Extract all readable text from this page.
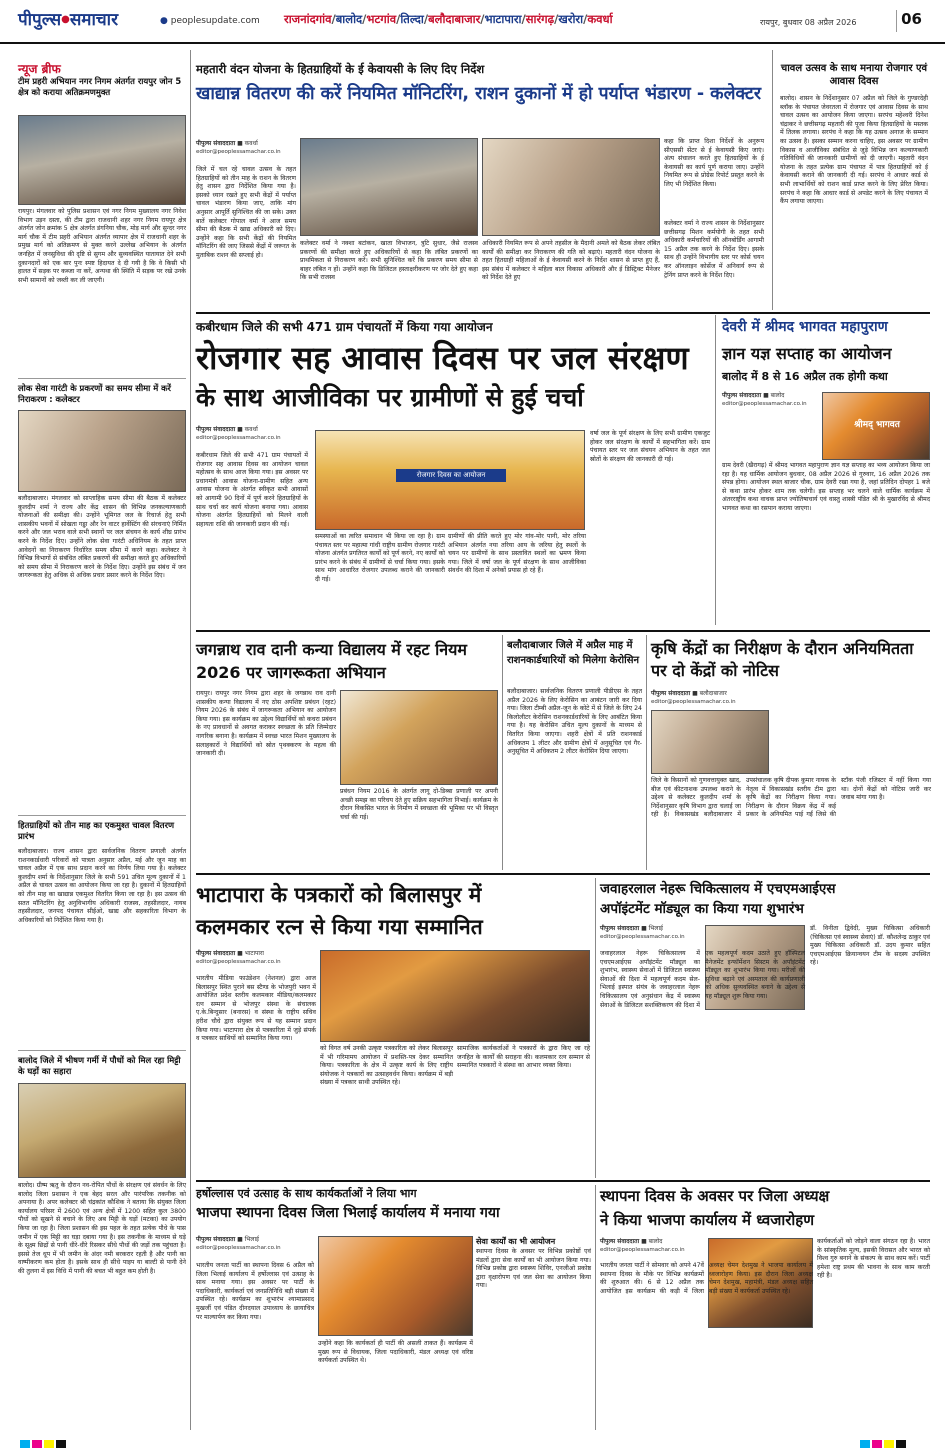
पीपुल्स●समाचार	● peoplesupdate.com राजनांदगांव/बालोद/भटगांव/तिल्दा/बलौदाबाजार/भाटापारा/सारंगढ़/खरोरा/कवर्धा	रायपुर, बुधवार 08 अप्रैल 2026	06
न्यूज ब्रीफ
टीम प्रहरी अभियान नगर निगम अंतर्गत रायपुर जोन 5 क्षेत्र को कराया अतिक्रमणमुक्त
रायपुर। मंगलवार को पुलिस प्रशासन एवं नगर निगम मुख्यालय नगर निवेश विभाग उड़न दस्ता, की टीम द्वारा राजधानी शहर नगर निगम रायपुर क्षेत्र अंतर्गत जोन क्रमांक 5 क्षेत्र अंतर्गत डंगनिया चौक, मोड़ मार्ग और सुन्दर नगर मार्ग चौक में टीम प्रहरी अभियान अंतर्गत व्यापार क्षेत्र में राजधानी शहर के प्रमुख मार्ग को अतिक्रमण से मुक्त करने उल्लेख अभियान के अंतर्गत जनहित में जनसुविधा की दृष्टि से सुगम और सुव्यवस्थित यातायात देने सभी दुकानदारों को एक बार पुनः स्पष्ट हिदायत दे दी गयी है कि वे किसी भी हालत में सड़क पर कब्जा ना करें, अन्यथा की स्थिति में सड़क पर रखे उनके सभी सामानों को जब्ती कर ली जाएगी।
लोक सेवा गारंटी के प्रकरणों का समय सीमा में करें निराकरण : कलेक्टर
बलौदाबाजार। मंगलवार को साप्ताहिक समय सीमा की बैठक में कलेक्टर कुलदीप शर्मा ने राज्य और केंद्र शासन की विभिन्न जनकल्याणकारी योजनाओं की समीक्षा की। उन्होंने भूमिगत जल के रिचार्ज हेतु सभी शासकीय भवनों में सोखता गड्ढा और रेन वाटर हार्वेस्टिंग की संरचनाएं निर्मित करने और जल भराव वाले सभी स्थानों पर जल संचयन के कार्य शीघ्र प्रारंभ करने के निर्देश दिए। उन्होंने लोक सेवा गारंटी अधिनियम के तहत प्राप्त आवेदनों का निराकरण निर्धारित समय सीमा में करने कहा। कलेक्टर ने विभिन्न विभागों से संबंधित लंबित प्रकरणों की समीक्षा करते हुए अधिकारियों को समय सीमा में निराकरण करने के निर्देश दिए। उन्होंने इस संबंध में जन जागरूकता हेतु अधिक से अधिक प्रचार प्रसार करने के निर्देश दिए।
हितग्राहियों को तीन माह का एकमुश्त चावल वितरण प्रारंभ
बलौदाबाजार। राज्य शासन द्वारा सार्वजनिक वितरण प्रणाली अंतर्गत राशनकार्डधारी परिवारों को पात्रता अनुसार अप्रैल, मई और जून माह का चावल अप्रैल में एक साथ प्रदान करने का निर्णय लिया गया है। कलेक्टर कुलदीप शर्मा के निर्देशानुसार जिले के सभी 591 उचित मूल्य दुकानों में 1 अप्रैल से चावल उत्सव का आयोजन किया जा रहा है। दुकानों में हितग्राहियों को तीन माह का खाद्यान्न एकमुश्त वितरित किया जा रहा है। इस उत्सव की सतत मॉनिटरिंग हेतु अनुविभागीय अधिकारी राजस्व, तहसीलदार, नायब तहसीलदार, जनपद पंचायत सीईओ, खाद्य और सहकारिता विभाग के अधिकारियों को निर्देशित किया गया है।
बालोद जिले में भीषण गर्मी में पौधों को मिल रहा मिट्टी के घड़ों का सहारा
बालोद। ग्रीष्म ऋतु के दौरान नव-रोपित पौधों के संरक्षण एवं संवर्धन के लिए बालोद जिला प्रशासन ने एक बेहद सरल और पारंपरिक तकनीक को अपनाया है। अपर कलेक्टर श्री चंद्रकांत कौशिक ने बताया कि संयुक्त जिला कार्यालय परिसर में 2600 एवं अन्य क्षेत्रों में 1200 सहित कुल 3800 पौधों को सूखने से बचाने के लिए अब मिट्टी के घड़ों (मटका) का उपयोग किया जा रहा है। जिला प्रशासन की इस पहल के तहत प्रत्येक पौधे के पास जमीन में एक मिट्टी का घड़ा दबाया गया है। इस तकनीक के माध्यम से घड़े के सूक्ष्म छिद्रों से पानी धीरे-धीरे रिसकर सीधे पौधों की जड़ों तक पहुंचता है। इससे तेज धूप में भी जमीन के अंदर नमी बरकरार रहती है और पानी का वाष्पीकरण कम होता है। इसके साथ ही सीधे पाइप या बाल्टी से पानी देने की तुलना में इस विधि में पानी की बचत भी बहुत कम होती है।
महतारी वंदन योजना के हितग्राहियों के ई केवायसी के लिए दिए निर्देश
खाद्यान्न वितरण की करें नियमित मॉनिटरिंग, राशन दुकानों में हो पर्याप्त भंडारण - कलेक्टर
पीपुल्स संवाददाता ■ कवर्धा
editor@peoplessamachar.co.in
जिले में चल रहे चावल उत्सव के तहत हितग्राहियों को तीन माह के राशन के वितरण हेतु शासन द्वारा निर्देशित किया गया है। इसको ध्यान रखते हुए सभी केंद्रों में पर्याप्त चावल भंडारण किया जाए, ताकि मांग अनुसार आपूर्ति सुनिश्चित की जा सके। उक्त बातें कलेक्टर गोपाल वर्मा ने आज समय सीमा की बैठक में खाद्य अधिकारी को दिए। उन्होंने कहा कि सभी केंद्रों की नियमित मॉनिटरिंग की जाए जिससे केंद्रों में जरूरत के मुताबिक राशन की सप्लाई हो।
कलेक्टर वर्मा ने नक्शा बटांकन, खाता विभाजन, त्रुटि सुधार, जैसे राजस्व प्रकरणों की समीक्षा करते हुए अधिकारियों से कहा कि लंबित प्रकरणों का प्राथमिकता से निराकरण करें। सभी सुनिश्चित करें कि प्रकरण समय सीमा से बाहर लंबित न हों। उन्होंने कहा कि डिजिटल हस्ताक्षरीकरण पर जोर देते हुए कहा कि सभी राजस्व
अधिकारी नियमित रूप से अपने तहसील के मैदानी अमले को बैठक लेकर लंबित कार्यों की समीक्षा कर निराकरण की गति को बढ़ाएं। महतारी वंदन योजना के तहत हितग्राही महिलाओं के ई केवायसी करने के निर्देश शासन से प्राप्त हुए हैं, इस संबंध में कलेक्टर ने महिला बाल विकास अधिकारी और ई डिस्ट्रिक्ट मैनेजर को निर्देश देते हुए
कहा कि प्राप्त दिशा निर्देशों के अनुरूप सीएससी सेंटर से ई केवायसी किए जाएं। अंत्य संचालन करते हुए हितग्राहियों के ई केवायसी का कार्य पूर्ण कराया जाए। उन्होंने नियमित रूप से प्रोग्रेस रिपोर्ट प्रस्तुत करने के लिए भी निर्देशित किया।
कलेक्टर वर्मा ने राज्य शासन के निर्देशानुसार छत्तीसगढ़ मिशन कर्मयोगी के तहत सभी अधिकारी कर्मचारियों की ऑनबोर्डिंग आगामी 15 अप्रैल तक करने के निर्देश दिए। इसके साथ ही उन्होंने विभागीय स्तर पर कोर्स चयन कर ऑनलाइन कोर्सेज में अनिवार्य रूप से ट्रेनिंग प्राप्त करने के निर्देश दिए।
चावल उत्सव के साथ मनाया रोजगार एवं आवास दिवस
बालोद। शासन के निर्देशानुसार 07 अप्रैल को जिले के गुण्डरदेही ब्लॉक के पंचायत जेवरतला में रोजगार एवं आवास दिवस के साथ चावल उत्सव का आयोजन किया जाएगा। सरपंच महेश्वरी दिनेश चंद्राकर ने छत्तीसगढ़ महतारी की पूजा किया हितग्राहियों के मस्तक में तिलक लगाया। सरपंच ने कहा कि यह उत्सव अनाज के सम्मान का उत्सव है। इसका सम्मान करना चाहिए, इस अवसर पर ग्रामीण विकास व आजीविका संबंधित से जुड़े विभिन्न जन कल्याणकारी गतिविधियों की जानकारी ग्रामीणों को दी जाएगी। महतारी वंदन योजना के तहत प्रत्येक ग्राम पंचायत में पात्र हितग्राहियों को ई केवायसी कराने की जानकारी दी गई। सरपंच ने आधार कार्ड से सभी लाभार्थियों को राशन कार्ड प्राप्त करने के लिए प्रेरित किया। सरपंच ने कहा कि आधार कार्ड से अपडेट करने के लिए पंचायत में कैंप लगाया जाएगा।
कबीरधाम जिले की सभी 471 ग्राम पंचायतों में किया गया आयोजन
रोजगार सह आवास दिवस पर जल संरक्षण
के साथ आजीविका पर ग्रामीणों से हुई चर्चा
पीपुल्स संवाददाता ■ कवर्धा
editor@peoplessamachar.co.in
कबीरधाम जिले की सभी 471 ग्राम पंचायतों में रोजगार सह आवास दिवस का आयोजन चावल महोत्सव के साथ आज किया गया। इस अवसर पर प्रधानमंत्री आवास योजना-ग्रामीण सहित अन्य आवास योजना के अंतर्गत स्वीकृत सभी आवासों को आगामी 90 दिनों में पूर्ण करने हितग्राहियों के साथ चर्चा कर कार्य योजना बनाया गया। आवास योजना अंतर्गत हितग्राहियों को मिलने वाली सहायता राशि की जानकारी प्रदान की गई।
रोजगार दिवस का आयोजन
समस्याओं का त्वरित समाधान भी किया जा रहा है। ग्राम पंचायत स्तर पर महात्मा गांधी राष्ट्रीय ग्रामीण रोजगार गारंटी योजना अंतर्गत प्रगतिरत कार्यों को पूर्ण करने, नए कार्यों को प्रारंभ करने के संबंध में ग्रामीणों से चर्चा किया गया। इसके साथ मांग आधारित रोजगार उपलब्ध कराने की जानकारी दी गई।
ग्रामीणों की प्रीति करते हुए मोर गांव-मोर पानी, मोर तरिया अभियान अंतर्गत नया तरिया आय के जरिया हेतु स्थलों के चयन पर ग्रामीणों के साथ प्रस्तावित स्थलों का भ्रमण किया गया। जिले में वर्षा जल के पूर्ण संरक्षण के साथ आजीविका संवर्धन की दिशा में अनेकों प्रयास हो रहे हैं।
वर्षा जल के पूर्ण संरक्षण के लिए सभी ग्रामीण एकजुट होकर जल संरक्षण के कार्यों में सहभागिता करें। ग्राम पंचायत स्तर पर जल संचयन अभियान के तहत जल स्रोतों के संरक्षण की जानकारी दी गई।
देवरी में श्रीमद भागवत महापुराण
ज्ञान यज्ञ सप्ताह का आयोजन
बालोद में 8 से 16 अप्रैल तक होगी कथा
पीपुल्स संवाददाता ■ बालोद
editor@peoplessamachar.co.in
श्रीमद् भागवत
ग्राम देवरी (खैरागढ़) में श्रीमद भागवत महापुराण ज्ञान यज्ञ सप्ताह का भव्य आयोजन किया जा रहा है। यह धार्मिक आयोजन बुधवार, 08 अप्रैल 2026 से गुरुवार, 16 अप्रैल 2026 तक संपन्न होगा। आयोजन स्थल बाजार चौक, ग्राम देवरी रखा गया है, जहां प्रतिदिन दोपहर 1 बजे से कथा प्रारंभ होकर शाम तक चलेगी। इस सप्ताह भर चलने वाले धार्मिक कार्यक्रम में अंतरराष्ट्रीय कथा वाचक प्राप्त ज्योतिषाचार्य एवं वास्तु शास्त्री पंडित श्री के मुखारविंद से श्रीमद भागवत कथा का रसपान कराया जाएगा।
जगन्नाथ राव दानी कन्या विद्यालय में रहट नियम 2026 पर जागरूकता अभियान
रायपुर। रायपुर नगर निगम द्वारा शहर के जगन्नाथ राव दानी शासकीय कन्या विद्यालय में नए ठोस अपशिष्ट प्रबंधन (रहट) नियम 2026 के संबंध में जागरूकता अभियान का आयोजन किया गया। इस कार्यक्रम का उद्देश्य विद्यार्थियों को कचरा प्रबंधन के नए प्रावधानों से अवगत कराकर स्वच्छता के प्रति जिम्मेदार नागरिक बनाना है। कार्यक्रम में स्वच्छ भारत मिशन मुख्यालय के सलाहकारों ने विद्यार्थियों को स्रोत पृथक्करण के महत्व की जानकारी दी।
प्रबंधन नियम 2016 के अंतर्गत लागू दो-डिब्बा प्रणाली पर अपनी अच्छी समझ का परिचय देते हुए सक्रिय सहभागिता निभाई। कार्यक्रम के दौरान विकसित भारत के निर्माण में स्वच्छता की भूमिका पर भी विस्तृत चर्चा की गई।
बलौदाबाजार जिले में अप्रैल माह में राशनकार्डधारियों को मिलेगा केरोसिन
बलौदाबाजार। सार्वजनिक वितरण प्रणाली पीडीएस के तहत अप्रैल 2026 के लिए केरोसिन का आबंटन जारी कर दिया गया। जिला टीम्बी अप्रैल-जून के कोटे में से जिले के लिए 24 किलोलीटर केरोसिन राशनकार्डधारियों के लिए आबंटित किया गया है। यह केरोसिन उचित मूल्य दुकानों के माध्यम से वितरित किया जाएगा। शहरी क्षेत्रों में प्रति राशनकार्ड अधिकतम 1 लीटर और ग्रामीण क्षेत्रों में अनुसूचित एवं गैर-अनुसूचित में अधिकतम 2 लीटर केरोसिन दिया जाएगा।
कृषि केंद्रों का निरीक्षण के दौरान अनियमितता पर दो केंद्रों को नोटिस
पीपुल्स संवाददाता ■ बलौदाबाजार
editor@peoplessamachar.co.in
जिले के किसानों को गुणवत्तायुक्त खाद, बीज एवं कीटनाशक उपलब्ध कराने के उद्देश्य से कलेक्टर कुलदीप शर्मा के निर्देशानुसार कृषि विभाग द्वारा चलाई जा रही है। विकासखंड बलौदाबाजार में उपसंचालक कृषि दीपक कुमार नायक के नेतृत्व में विकासखंड स्तरीय टीम द्वारा कृषि केंद्रों का निरीक्षण किया गया। निरीक्षण के दौरान विक्रय केंद्र में कई प्रकार के अनियमित पाई गईं जिसे की स्टॉक पंजी रजिस्टर में नहीं किया गया था। दोनों केंद्रों को नोटिस जारी कर जवाब मांगा गया है।
भाटापारा के पत्रकारों को बिलासपुर में
कलमकार रत्न से किया गया सम्मानित
पीपुल्स संवाददाता ■ भाटापारा
editor@peoplessamachar.co.in
भारतीय मीडिया फाउंडेशन (नेशनल) द्वारा आज बिलासपुर स्थित पुराने बस स्टैण्ड के भोजपुरी भवन में आयोजित प्रदेश स्तरीय कलमकार मीडिया/कलमकार रत्न सम्मान से भोजपुर संस्था के संचालक ए.के.बिन्दुसार (बनारस) व संस्था के राष्ट्रीय सचिव हरीश चौधे द्वारा संयुक्त रूप से यह सम्मान प्रदान किया गया। भाटापारा क्षेत्र से पत्रकारिता में जुड़े संपर्क व पत्रकार साथियों को सम्मानित किया गया।
को विगत वर्ष उनकी उत्कृष्ट पत्रकारिता को लेकर बिलासपुर में भी गरिमामय आयोजन में प्रशस्ति-पत्र देकर सम्मानित किया। पत्रकारिता के क्षेत्र में उत्कृष्ट कार्य के लिए राष्ट्रीय संयोजक ने पत्रकारों का उत्साहवर्धन किया। कार्यक्रम में बड़ी संख्या में पत्रकार साथी उपस्थित रहे।
सामाजिक कार्यकर्ताओं ने पत्रकारों के द्वारा किए जा रहे जनहित के कार्यों की सराहना की। कलमकार रत्न सम्मान से सम्मानित पत्रकारों ने संस्था का आभार व्यक्त किया।
जवाहरलाल नेहरू चिकित्सालय में एचएमआईएस
अपॉइंटमेंट मॉड्यूल का किया गया शुभारंभ
पीपुल्स संवाददाता ■ भिलाई
editor@peoplessamachar.co.in
जवाहरलाल नेहरू चिकित्सालय में एचएमआईएस अपॉइंटमेंट मॉड्यूल का शुभारंभ, स्वास्थ्य सेवाओं में डिजिटल स्वास्थ्य सेवाओं की दिशा में महत्वपूर्ण कदम सेल-भिलाई इस्पात संयंत्र के जवाहरलाल नेहरू चिकित्सालय एवं अनुसंधान केंद्र में स्वास्थ्य सेवाओं के डिजिटल सशक्तिकरण की दिशा में एक महत्वपूर्ण कदम उठाते हुए हॉस्पिटल मैनेजमेंट इन्फॉर्मेशन सिस्टम के अपॉइंटमेंट मॉड्यूल का शुभारंभ किया गया। मरीजों की सुविधा बढ़ाने एवं अस्पताल की कार्यप्रणाली को अधिक सुव्यवस्थित बनाने के उद्देश्य से यह मॉड्यूल शुरू किया गया।
डॉ. विनीता द्विवेदी, मुख्य चिकित्सा अधिकारी (चिकित्सा एवं स्वास्थ्य सेवाएं) डॉ. कौशलेन्द्र ठाकुर एवं मुख्य चिकित्सा अधिकारी डॉ. उदय कुमार सहित एचएमआईएस क्रियान्वयन टीम के सदस्य उपस्थित रहे।
हर्षोल्लास एवं उत्साह के साथ कार्यकर्ताओं ने लिया भाग
भाजपा स्थापना दिवस जिला भिलाई कार्यालय में मनाया गया
पीपुल्स संवाददाता ■ भिलाई
editor@peoplessamachar.co.in
भारतीय जनता पार्टी का स्थापना दिवस 6 अप्रैल को जिला भिलाई कार्यालय में हर्षोल्लास एवं उत्साह के साथ मनाया गया। इस अवसर पर पार्टी के पदाधिकारी, कार्यकर्ता एवं जनप्रतिनिधि बड़ी संख्या में उपस्थित रहे। कार्यक्रम का शुभारंभ श्यामाप्रसाद मुखर्जी एवं पंडित दीनदयाल उपाध्याय के छायाचित्र पर माल्यार्पण कर किया गया।
उन्होंने कहा कि कार्यकर्ता ही पार्टी की असली ताकत हैं। कार्यक्रम में मुख्य रूप से विधायक, जिला पदाधिकारी, मंडल अध्यक्ष एवं वरिष्ठ कार्यकर्ता उपस्थित थे।
सेवा कार्यों का भी आयोजन
स्थापना दिवस के अवसर पर विभिन्न प्रकोष्ठों एवं मंडलों द्वारा सेवा कार्यों का भी आयोजन किया गया। विभिन्न प्रकोष्ठ द्वारा स्वास्थ्य शिविर, एनजीओ प्रकोष्ठ द्वारा वृक्षारोपण एवं जल सेवा का आयोजन किया गया।
स्थापना दिवस के अवसर पर जिला अध्यक्ष
ने किया भाजपा कार्यालय में ध्वजारोहण
पीपुल्स संवाददाता ■ बालोद
editor@peoplessamachar.co.in
भारतीय जनता पार्टी ने सोमवार को अपने 47वें स्थापना दिवस के मौके पर विभिन्न कार्यक्रमों की शुरुआत की। 6 से 12 अप्रैल तक आयोजित इस कार्यक्रम की कड़ी में जिला अध्यक्ष चेमन देशमुख ने भाजपा कार्यालय में ध्वजारोहण किया। इस दौरान जिला अध्यक्ष चेमन देशमुख, महामंत्री, मंडल अध्यक्ष सहित बड़ी संख्या में कार्यकर्ता उपस्थित रहे।
कार्यकर्ताओं को जोड़ने वाला संगठन रहा है। भारत के सांस्कृतिक मूल्य, इसकी विरासत और भारत को विश्व गुरु बनाने के संकल्प के साथ काम करें। पार्टी हमेशा राष्ट्र प्रथम की भावना के साथ काम करती रही है।
